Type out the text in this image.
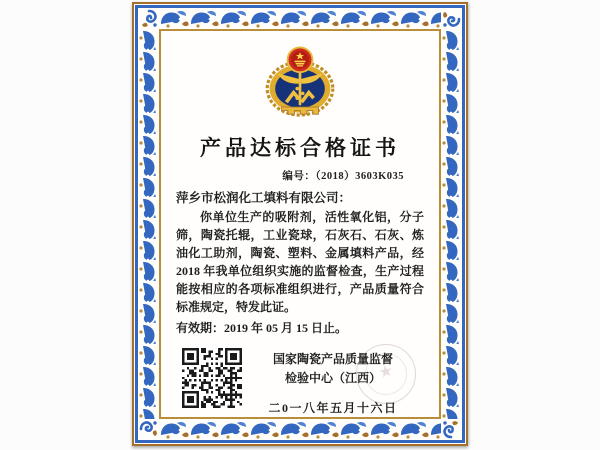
产品达标合格证书
编号：（2018）3603K035
萍乡市松润化工填料有限公司：
你单位生产的吸附剂，活性氧化铝，分子筛，陶瓷托辊，工业瓷球，石灰石、石灰、炼油化工助剂，陶瓷、塑料、金属填料产品，经 2018 年我单位组织实施的监督检查，生产过程能按相应的各项标准组织进行，产品质量符合标准规定，特发此证。
有效期：2019 年 05 月 15 日止。
国家陶瓷产品质量监督
检验中心（江西）
二0一八年五月十六日
★
